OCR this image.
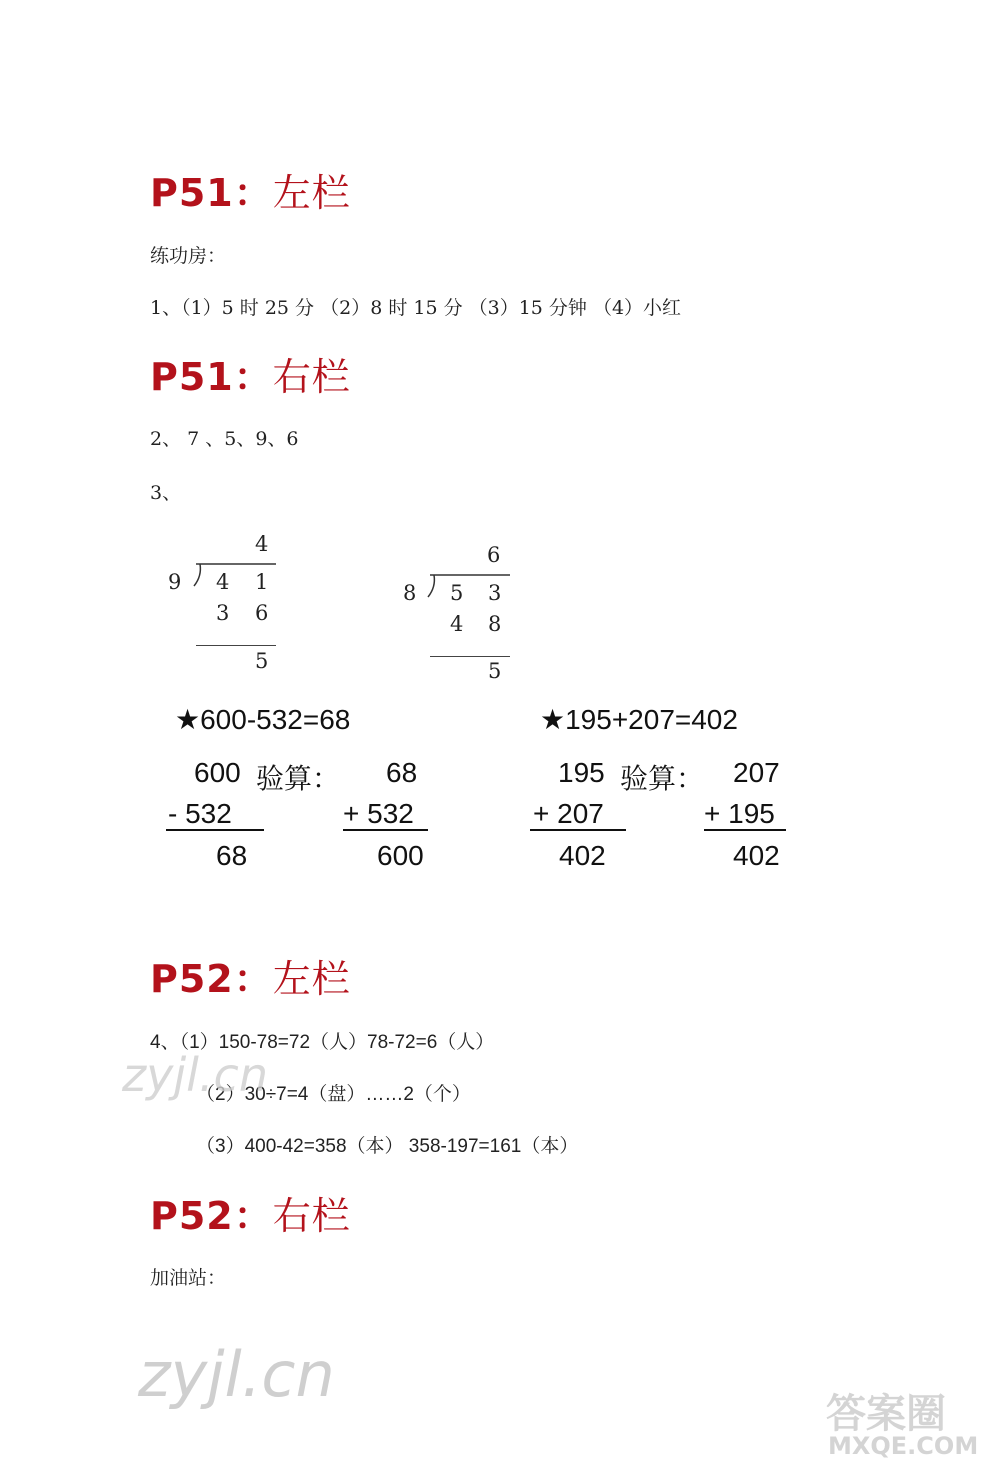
P51：左栏
练功房：
1、（1）5 时 25 分 （2）8 时 15 分 （3）15 分钟 （4）小红
P51：右栏
2、 7 、5、9、6
3、
4
9 4 1
3 6
5
6
8 5 3
4 8
5
★600-532=68
600 验算：
- 532
68
68
+ 532
600
★195+207=402
195 验算：
+ 207
402
207
+ 195
402
P52：左栏
4、（1）150-78=72（人）78-72=6（人）
（2）30÷7=4（盘）……2（个）
（3）400-42=358（本） 358-197=161（本）
P52：右栏
加油站：
zyjl.cn
zyjl.cn
答案圈
MXQE.COM
